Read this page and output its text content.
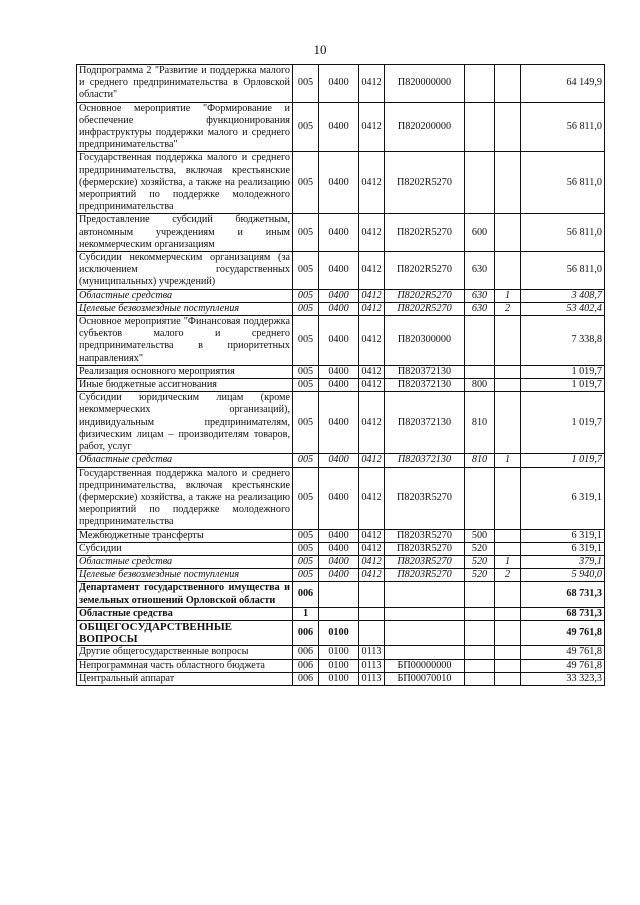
10
Подпрограмма 2 "Развитие и поддержка малого и среднего предпринимательства в Орловской области"	005	0400	0412	П820000000			64 149,9
Основное мероприятие "Формирование и обеспечение функционирования инфраструктуры поддержки малого и среднего предпринимательства"	005	0400	0412	П820200000			56 811,0
Государственная поддержка малого и среднего предпринимательства, включая крестьянские (фермерские) хозяйства, а также на реализацию мероприятий по поддержке молодежного предпринимательства	005	0400	0412	П8202R5270			56 811,0
Предоставление субсидий бюджетным, автономным учреждениям и иным некоммерческим организациям	005	0400	0412	П8202R5270	600		56 811,0
Субсидии некоммерческим организациям (за исключением государственных (муниципальных) учреждений)	005	0400	0412	П8202R5270	630		56 811,0
Областные средства	005	0400	0412	П8202R5270	630	1	3 408,7
Целевые безвозмездные поступления	005	0400	0412	П8202R5270	630	2	53 402,4
Основное мероприятие "Финансовая поддержка субъектов малого и среднего предпринимательства в приоритетных направлениях"	005	0400	0412	П820300000			7 338,8
Реализация основного мероприятия	005	0400	0412	П820372130			1 019,7
Иные бюджетные ассигнования	005	0400	0412	П820372130	800		1 019,7
Субсидии юридическим лицам (кроме некоммерческих организаций), индивидуальным предпринимателям, физическим лицам – производителям товаров, работ, услуг	005	0400	0412	П820372130	810		1 019,7
Областные средства	005	0400	0412	П820372130	810	1	1 019,7
Государственная поддержка малого и среднего предпринимательства, включая крестьянские (фермерские) хозяйства, а также на реализацию мероприятий по поддержке молодежного предпринимательства	005	0400	0412	П8203R5270			6 319,1
Межбюджетные трансферты	005	0400	0412	П8203R5270	500		6 319,1
Субсидии	005	0400	0412	П8203R5270	520		6 319,1
Областные средства	005	0400	0412	П8203R5270	520	1	379,1
Целевые безвозмездные поступления	005	0400	0412	П8203R5270	520	2	5 940,0
Департамент государственного имущества и земельных отношений Орловской области	006						68 731,3
Областные средства	1						68 731,3
ОБЩЕГОСУДАРСТВЕННЫЕ ВОПРОСЫ	006	0100					49 761,8
Другие общегосударственные вопросы	006	0100	0113				49 761,8
Непрограммная часть областного бюджета	006	0100	0113	БП00000000			49 761,8
Центральный аппарат	006	0100	0113	БП00070010			33 323,3
